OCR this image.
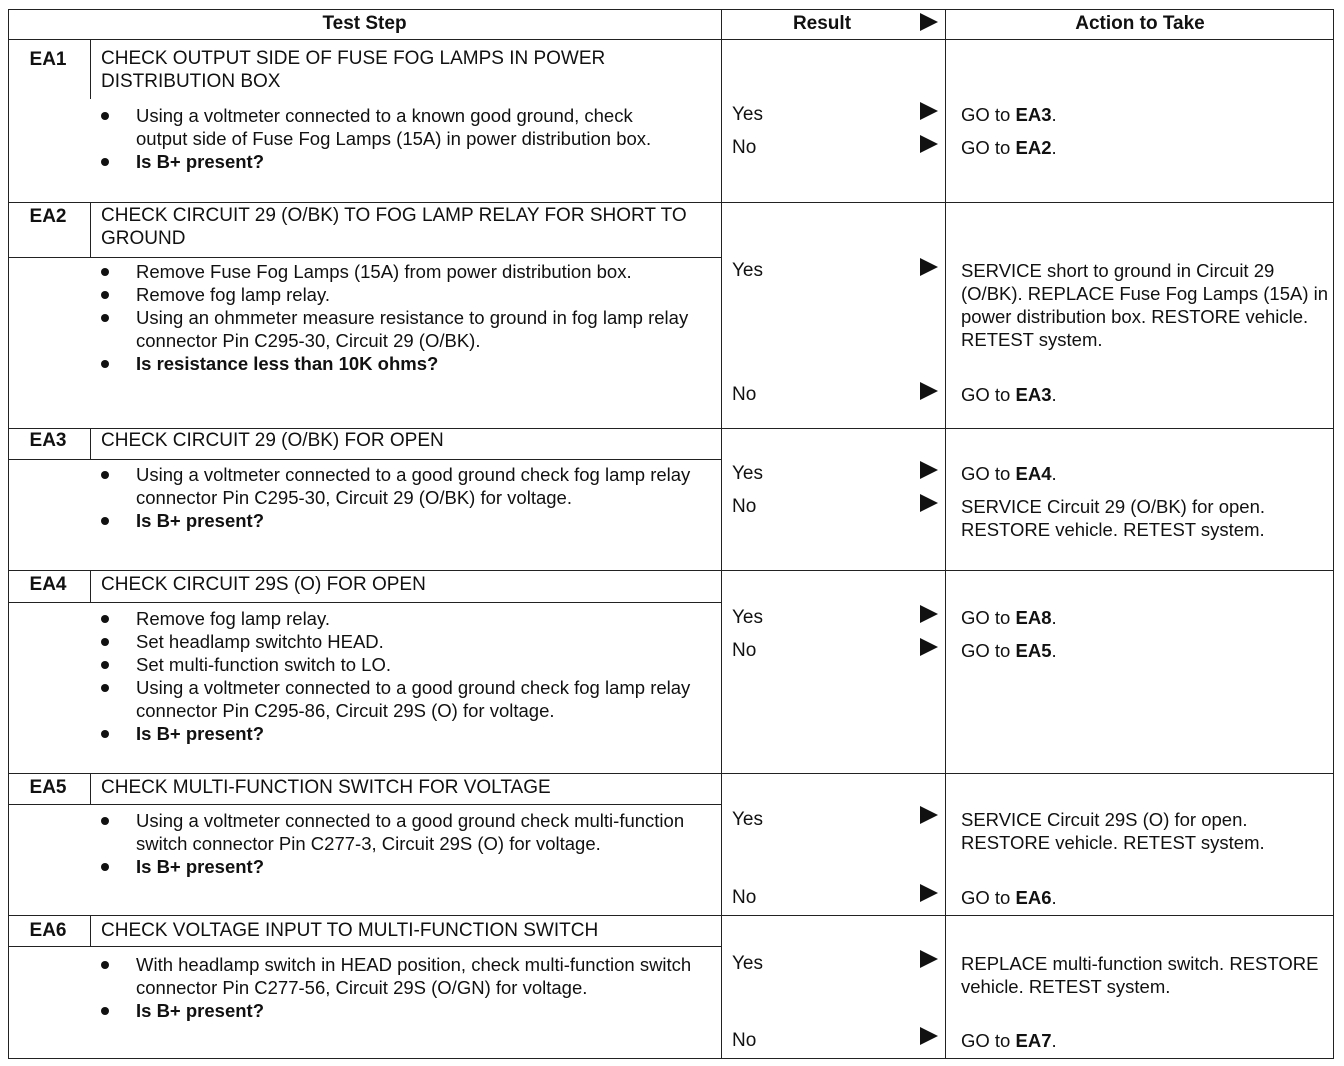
Test Step	Result	Action to Take
EA1	CHECK OUTPUT SIDE OF FUSE FOG LAMPS IN POWER DISTRIBUTION BOX
Using a voltmeter connected to a known good ground, check output side of Fuse Fog Lamps (15A) in power distribution box.
Is B+ present?
Yes	GO to EA3.
No	GO to EA2.
EA2	CHECK CIRCUIT 29 (O/BK) TO FOG LAMP RELAY FOR SHORT TO GROUND
Remove Fuse Fog Lamps (15A) from power distribution box.
Remove fog lamp relay.
Using an ohmmeter measure resistance to ground in fog lamp relay connector Pin C295-30, Circuit 29 (O/BK).
Is resistance less than 10K ohms?
Yes	SERVICE short to ground in Circuit 29 (O/BK). REPLACE Fuse Fog Lamps (15A) in power distribution box. RESTORE vehicle. RETEST system.
No	GO to EA3.
EA3	CHECK CIRCUIT 29 (O/BK) FOR OPEN
Using a voltmeter connected to a good ground check fog lamp relay connector Pin C295-30, Circuit 29 (O/BK) for voltage.
Is B+ present?
Yes	GO to EA4.
No	SERVICE Circuit 29 (O/BK) for open. RESTORE vehicle. RETEST system.
EA4	CHECK CIRCUIT 29S (O) FOR OPEN
Remove fog lamp relay.
Set headlamp switchto HEAD.
Set multi-function switch to LO.
Using a voltmeter connected to a good ground check fog lamp relay connector Pin C295-86, Circuit 29S (O) for voltage.
Is B+ present?
Yes	GO to EA8.
No	GO to EA5.
EA5	CHECK MULTI-FUNCTION SWITCH FOR VOLTAGE
Using a voltmeter connected to a good ground check multi-function switch connector Pin C277-3, Circuit 29S (O) for voltage.
Is B+ present?
Yes	SERVICE Circuit 29S (O) for open. RESTORE vehicle. RETEST system.
No	GO to EA6.
EA6	CHECK VOLTAGE INPUT TO MULTI-FUNCTION SWITCH
With headlamp switch in HEAD position, check multi-function switch connector Pin C277-56, Circuit 29S (O/GN) for voltage.
Is B+ present?
Yes	REPLACE multi-function switch. RESTORE vehicle. RETEST system.
No	GO to EA7.
